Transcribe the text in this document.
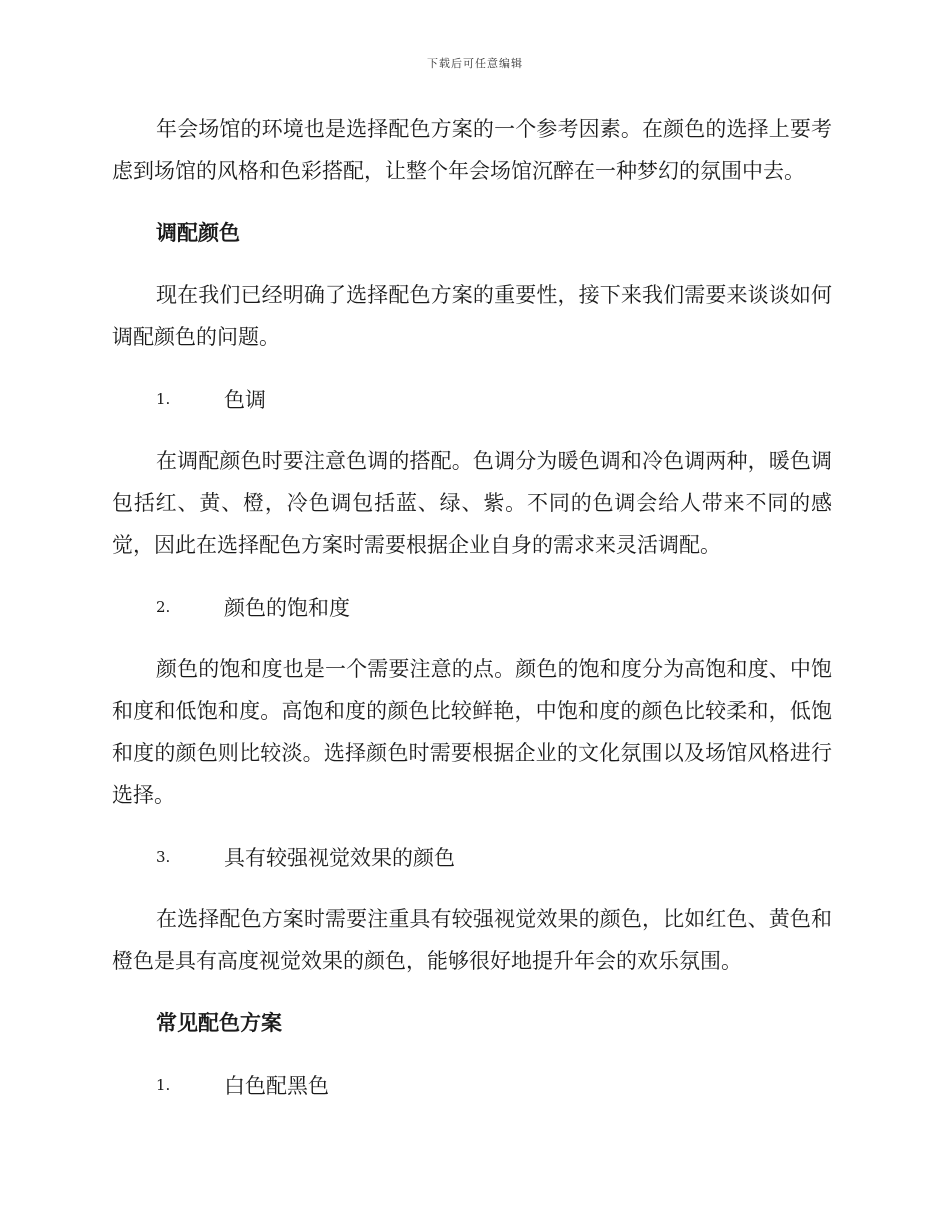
下载后可任意编辑

年会场馆的环境也是选择配色方案的一个参考因素。在颜色的选择上要考虑到场馆的风格和色彩搭配，让整个年会场馆沉醉在一种梦幻的氛围中去。

调配颜色

现在我们已经明确了选择配色方案的重要性，接下来我们需要来谈谈如何调配颜色的问题。

1.	色调

在调配颜色时要注意色调的搭配。色调分为暖色调和冷色调两种，暖色调包括红、黄、橙，冷色调包括蓝、绿、紫。不同的色调会给人带来不同的感觉，因此在选择配色方案时需要根据企业自身的需求来灵活调配。

2.	颜色的饱和度

颜色的饱和度也是一个需要注意的点。颜色的饱和度分为高饱和度、中饱和度和低饱和度。高饱和度的颜色比较鲜艳，中饱和度的颜色比较柔和，低饱和度的颜色则比较淡。选择颜色时需要根据企业的文化氛围以及场馆风格进行选择。

3.	具有较强视觉效果的颜色

在选择配色方案时需要注重具有较强视觉效果的颜色，比如红色、黄色和橙色是具有高度视觉效果的颜色，能够很好地提升年会的欢乐氛围。

常见配色方案
1.	白色配黑色
